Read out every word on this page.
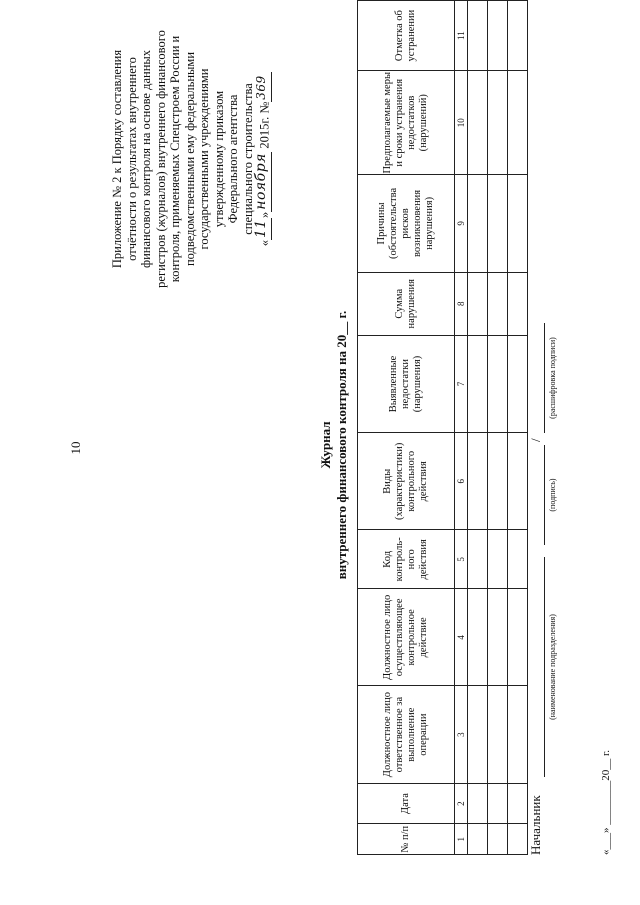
10
Приложение № 2 к Порядку составления отчётности о результатах внутреннего финансового контроля на основе данных регистров (журналов) внутреннего финансового контроля, применяемых Спецстроем России и подведомственными ему федеральными государственными учреждениями утвержденному приказом Федерального агентства специального строительства
«
11
»
ноября
2015г. №
369
Журнал внутреннего финансового контроля на 20__ г.
№ п/п	Дата	Должностное лицо ответственное за выполнение операции	Должностное лицо осуществляющее контрольное действие	Код контроль-ного действия	Виды (характеристики) контрольного действия	Выявленные недостатки (нарушения)	Сумма нарушения	Причины (обстоятельства рисков возникновения нарушения)	Предполагаемые меры и сроки устранения недостатков (нарушений)	Отметка об устранении
1	2	3	4	5	6	7	8	9	10	11

Начальник
(наименование подразделения)
(подпись)
/
(расшифровка подписи)
«___» ________20__ г.
